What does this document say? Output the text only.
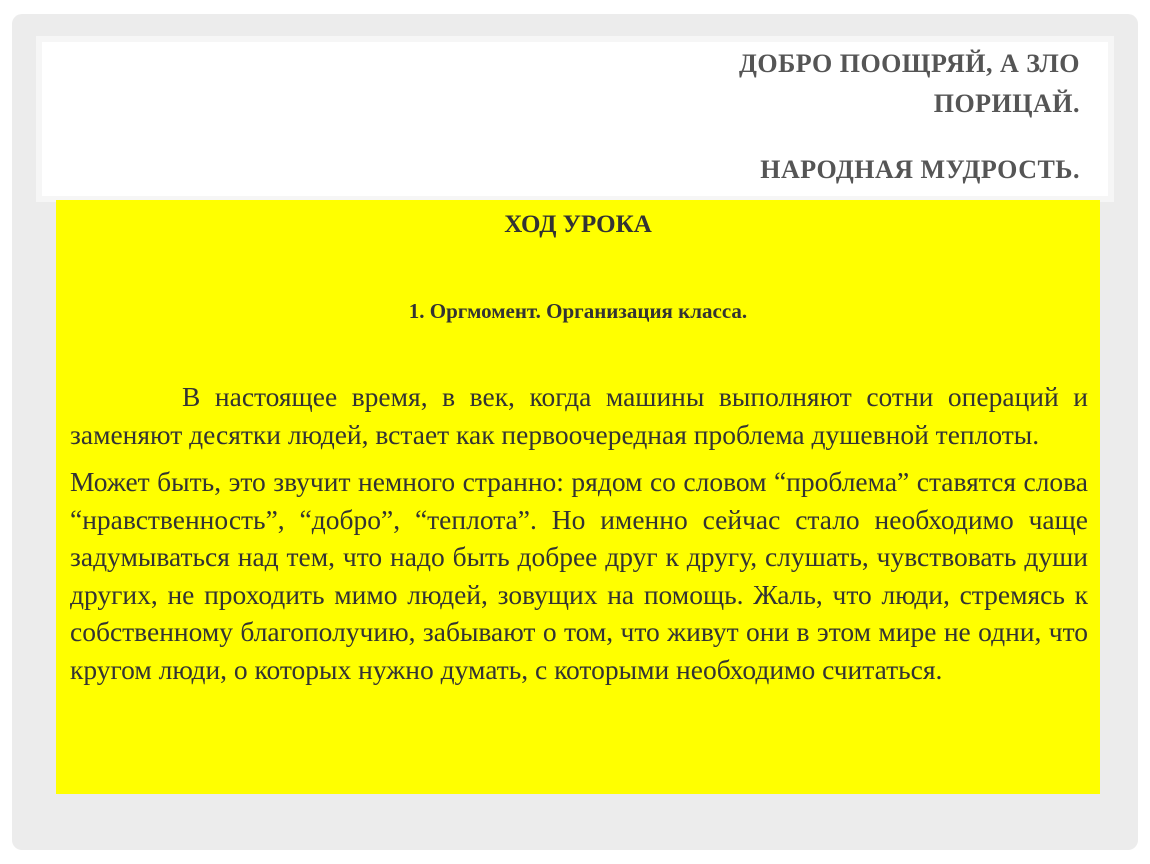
ДОБРО ПООЩРЯЙ, А ЗЛО
ПОРИЦАЙ.
НАРОДНАЯ МУДРОСТЬ.
ХОД УРОКА
1. Оргмомент. Организация класса.

В настоящее время, в век, когда машины выполняют сотни операций и заменяют десятки людей, встает как первоочередная проблема душевной теплоты.

Может быть, это звучит немного странно: рядом со словом “проблема” ставятся слова “нравственность”, “добро”, “теплота”. Но именно сейчас стало необходимо чаще задумываться над тем, что надо быть добрее друг к другу, слушать, чувствовать души других, не проходить мимо людей, зовущих на помощь. Жаль, что люди, стремясь к собственному благополучию, забывают о том, что живут они в этом мире не одни, что кругом люди, о которых нужно думать, с которыми необходимо считаться.
